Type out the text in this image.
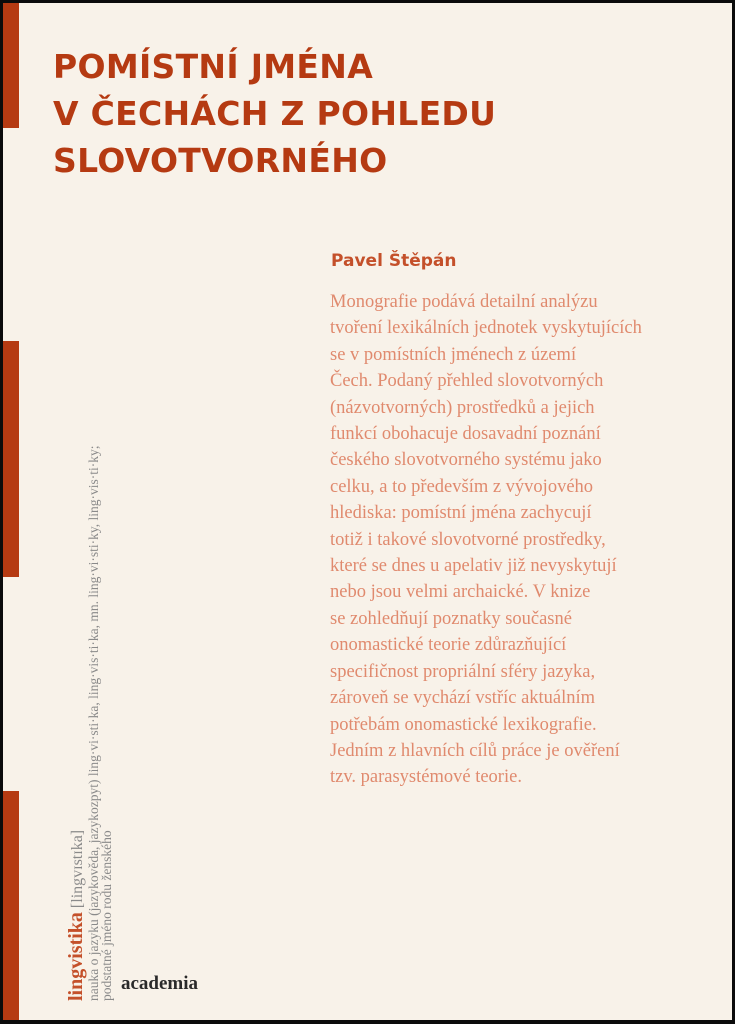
POMÍSTNÍ JMÉNA
V ČECHÁCH Z POHLEDU
SLOVOTVORNÉHO
Pavel Štěpán
Monografie podává detailní analýzu
tvoření lexikálních jednotek vyskytujících
se v pomístních jménech z území
Čech. Podaný přehled slovotvorných
(názvotvorných) prostředků a jejich
funkcí obohacuje dosavadní poznání
českého slovotvorného systému jako
celku, a to především z vývojového
hlediska: pomístní jména zachycují
totiž i takové slovotvorné prostředky,
které se dnes u apelativ již nevyskytují
nebo jsou velmi archaické. V knize
se zohledňují poznatky současné
onomastické teorie zdůrazňující
specifičnost propriální sféry jazyka,
zároveň se vychází vstříc aktuálním
potřebám onomastické lexikografie.
Jedním z hlavních cílů práce je ověření
tzv. parasystémové teorie.
lingvistika [lingvɪstɪka] nauka o jazyku (jazykověda, jazykozpyt) ling·vi·sti·ka, ling·vis·ti·ka, mn. ling·vi·sti·ky, ling·vis·ti·ky;
podstatné jméno rodu ženského academia
